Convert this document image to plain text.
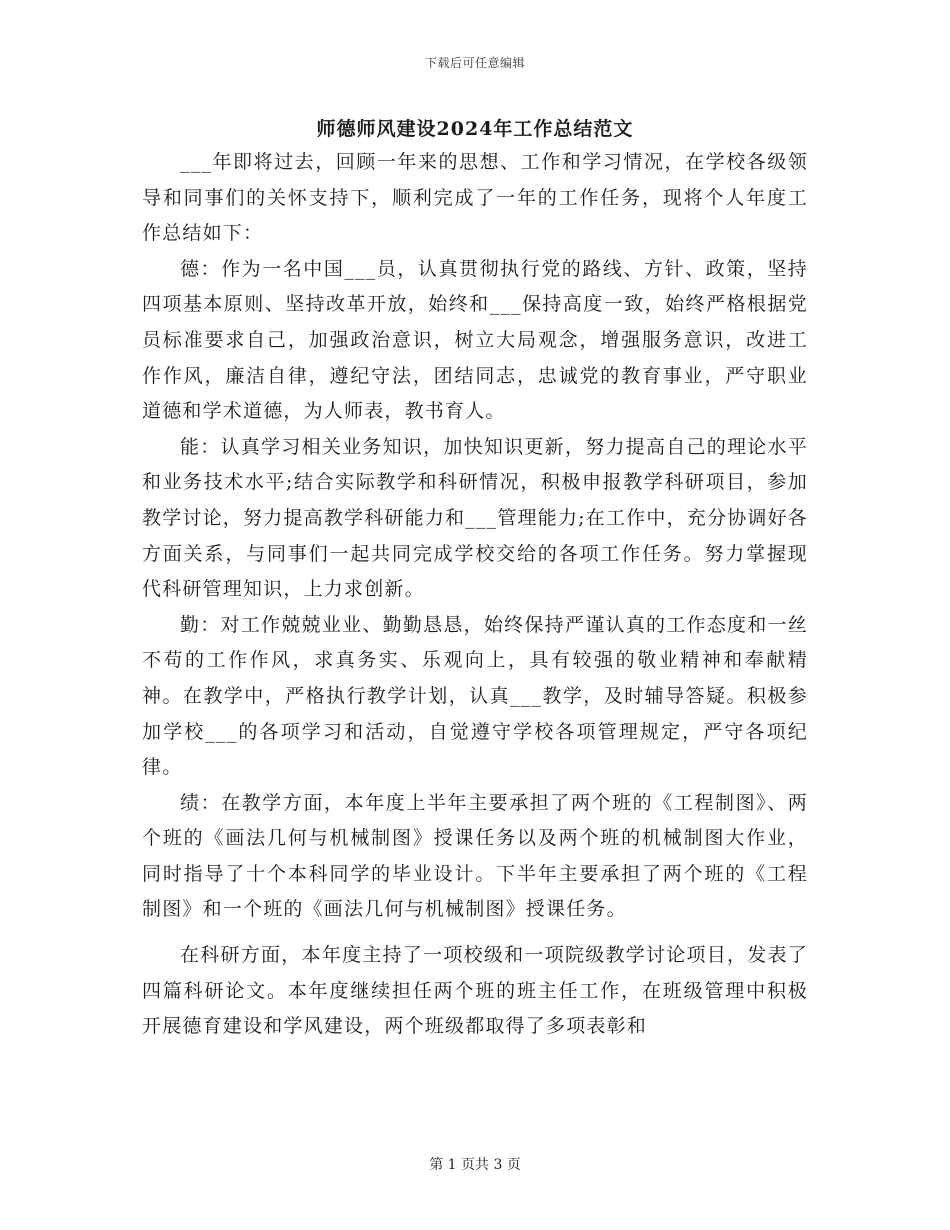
下载后可任意编辑
师德师风建设2024年工作总结范文

___年即将过去，回顾一年来的思想、工作和学习情况，在学校各级领导和同事们的关怀支持下，顺利完成了一年的工作任务，现将个人年度工作总结如下：

德：作为一名中国___员，认真贯彻执行党的路线、方针、政策，坚持四项基本原则、坚持改革开放，始终和___保持高度一致，始终严格根据党员标准要求自己，加强政治意识，树立大局观念，增强服务意识，改进工作作风，廉洁自律，遵纪守法，团结同志，忠诚党的教育事业，严守职业道德和学术道德，为人师表，教书育人。

能：认真学习相关业务知识，加快知识更新，努力提高自己的理论水平和业务技术水平;结合实际教学和科研情况，积极申报教学科研项目，参加教学讨论，努力提高教学科研能力和___管理能力;在工作中，充分协调好各方面关系，与同事们一起共同完成学校交给的各项工作任务。努力掌握现代科研管理知识，上力求创新。

勤：对工作兢兢业业、勤勤恳恳，始终保持严谨认真的工作态度和一丝不苟的工作作风，求真务实、乐观向上，具有较强的敬业精神和奉献精神。在教学中，严格执行教学计划，认真___教学，及时辅导答疑。积极参加学校___的各项学习和活动，自觉遵守学校各项管理规定，严守各项纪律。

绩：在教学方面，本年度上半年主要承担了两个班的《工程制图》、两个班的《画法几何与机械制图》授课任务以及两个班的机械制图大作业，同时指导了十个本科同学的毕业设计。下半年主要承担了两个班的《工程制图》和一个班的《画法几何与机械制图》授课任务。

在科研方面，本年度主持了一项校级和一项院级教学讨论项目，发表了四篇科研论文。本年度继续担任两个班的班主任工作，在班级管理中积极开展德育建设和学风建设，两个班级都取得了多项表彰和

第 1 页共 3 页
